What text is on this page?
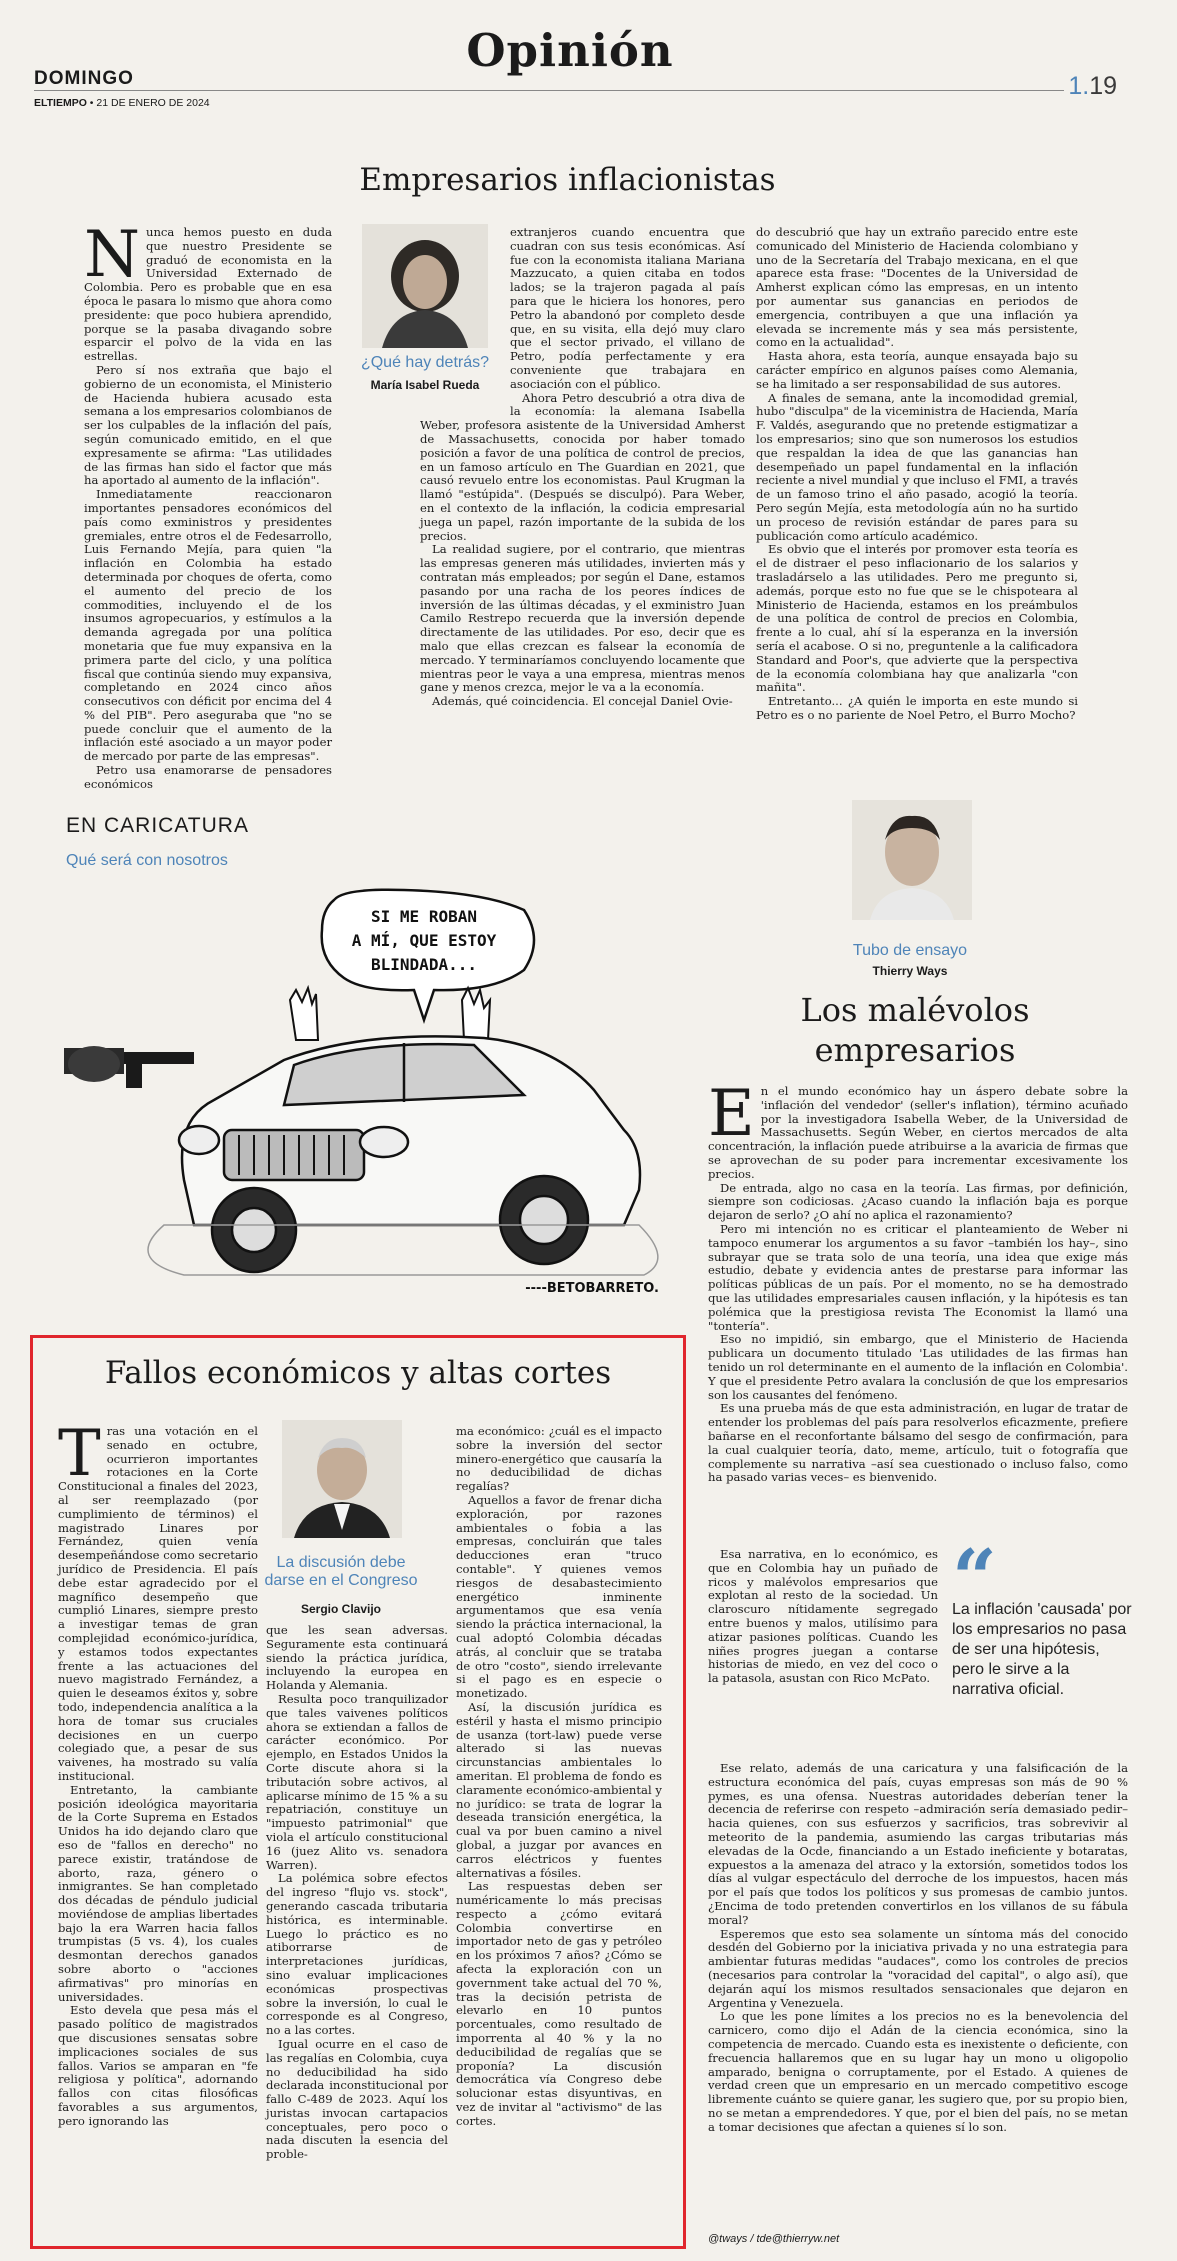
DOMINGO
Opinión
1.19
ELTIEMPO • 21 DE ENERO DE 2024
Empresarios inflacionistas

Nunca hemos puesto en duda que nuestro Presidente se graduó de economista en la Universidad Externado de Colombia. Pero es probable que en esa época le pasara lo mismo que ahora como presidente: que poco hubiera aprendido, porque se la pasaba divagando sobre esparcir el polvo de la vida en las estrellas.

Pero sí nos extraña que bajo el gobierno de un economista, el Ministerio de Hacienda hubiera acusado esta semana a los empresarios colombianos de ser los culpables de la inflación del país, según comunicado emitido, en el que expresamente se afirma: "Las utilidades de las firmas han sido el factor que más ha aportado al aumento de la inflación".

Inmediatamente reaccionaron importantes pensadores económicos del país como exministros y presidentes gremiales, entre otros el de Fedesarrollo, Luis Fernando Mejía, para quien "la inflación en Colombia ha estado determinada por choques de oferta, como el aumento del precio de los commodities, incluyendo el de los insumos agropecuarios, y estímulos a la demanda agregada por una política monetaria que fue muy expansiva en la primera parte del ciclo, y una política fiscal que continúa siendo muy expansiva, completando en 2024 cinco años consecutivos con déficit por encima del 4 % del PIB". Pero aseguraba que "no se puede concluir que el aumento de la inflación esté asociado a un mayor poder de mercado por parte de las empresas".

Petro usa enamorarse de pensadores económicos

¿Qué hay detrás?
María Isabel Rueda

extranjeros cuando encuentra que cuadran con sus tesis económicas. Así fue con la economista italiana Mariana Mazzucato, a quien citaba en todos lados; se la trajeron pagada al país para que le hiciera los honores, pero Petro la abandonó por completo desde que, en su visita, ella dejó muy claro que el sector privado, el villano de Petro, podía perfectamente y era conveniente que trabajara en asociación con el público.

Ahora Petro descubrió a otra diva de la economía: la alemana Isabella Weber, profesora asistente de la Universidad Amherst de Massachusetts, conocida por haber tomado posición a favor de una política de control de precios, en un famoso artículo en The Guardian en 2021, que causó revuelo entre los economistas. Paul Krugman la llamó "estúpida". (Después se disculpó). Para Weber, en el contexto de la inflación, la codicia empresarial juega un papel, razón importante de la subida de los precios.

La realidad sugiere, por el contrario, que mientras las empresas generen más utilidades, invierten más y contratan más empleados; por según el Dane, estamos pasando por una racha de los peores índices de inversión de las últimas décadas, y el exministro Juan Camilo Restrepo recuerda que la inversión depende directamente de las utilidades. Por eso, decir que es malo que ellas crezcan es falsear la economía de mercado. Y terminaríamos concluyendo locamente que mientras peor le vaya a una empresa, mientras menos gane y menos crezca, mejor le va a la economía.

Además, qué coincidencia. El concejal Daniel Ovie-

do descubrió que hay un extraño parecido entre este comunicado del Ministerio de Hacienda colombiano y uno de la Secretaría del Trabajo mexicana, en el que aparece esta frase: "Docentes de la Universidad de Amherst explican cómo las empresas, en un intento por aumentar sus ganancias en periodos de emergencia, contribuyen a que una inflación ya elevada se incremente más y sea más persistente, como en la actualidad".

Hasta ahora, esta teoría, aunque ensayada bajo su carácter empírico en algunos países como Alemania, se ha limitado a ser responsabilidad de sus autores.

A finales de semana, ante la incomodidad gremial, hubo "disculpa" de la viceministra de Hacienda, María F. Valdés, asegurando que no pretende estigmatizar a los empresarios; sino que son numerosos los estudios que respaldan la idea de que las ganancias han desempeñado un papel fundamental en la inflación reciente a nivel mundial y que incluso el FMI, a través de un famoso trino el año pasado, acogió la teoría. Pero según Mejía, esta metodología aún no ha surtido un proceso de revisión estándar de pares para su publicación como artículo académico.

Es obvio que el interés por promover esta teoría es el de distraer el peso inflacionario de los salarios y trasladárselo a las utilidades. Pero me pregunto si, además, porque esto no fue que se le chispoteara al Ministerio de Hacienda, estamos en los preámbulos de una política de control de precios en Colombia, frente a lo cual, ahí sí la esperanza en la inversión sería el acabose. O si no, preguntenle a la calificadora Standard and Poor's, que advierte que la perspectiva de la economía colombiana hay que analizarla "con mañita".

Entretanto... ¿A quién le importa en este mundo si Petro es o no pariente de Noel Petro, el Burro Mocho?

EN CARICATURA
Qué será con nosotros
SI ME ROBAN
A MÍ, QUE ESTOY
BLINDADA...
----BETOBARRETO.
Tubo de ensayo
Thierry Ways
Los malévolos
empresarios

En el mundo económico hay un áspero debate sobre la 'inflación del vendedor' (seller's inflation), término acuñado por la investigadora Isabella Weber, de la Universidad de Massachusetts. Según Weber, en ciertos mercados de alta concentración, la inflación puede atribuirse a la avaricia de firmas que se aprovechan de su poder para incrementar excesivamente los precios.

De entrada, algo no casa en la teoría. Las firmas, por definición, siempre son codiciosas. ¿Acaso cuando la inflación baja es porque dejaron de serlo? ¿O ahí no aplica el razonamiento?

Pero mi intención no es criticar el planteamiento de Weber ni tampoco enumerar los argumentos a su favor –también los hay–, sino subrayar que se trata solo de una teoría, una idea que exige más estudio, debate y evidencia antes de prestarse para informar las políticas públicas de un país. Por el momento, no se ha demostrado que las utilidades empresariales causen inflación, y la hipótesis es tan polémica que la prestigiosa revista The Economist la llamó una "tontería".

Eso no impidió, sin embargo, que el Ministerio de Hacienda publicara un documento titulado 'Las utilidades de las firmas han tenido un rol determinante en el aumento de la inflación en Colombia'. Y que el presidente Petro avalara la conclusión de que los empresarios son los causantes del fenómeno.

Es una prueba más de que esta administración, en lugar de tratar de entender los problemas del país para resolverlos eficazmente, prefiere bañarse en el reconfortante bálsamo del sesgo de confirmación, para la cual cualquier teoría, dato, meme, artículo, tuit o fotografía que complemente su narrativa –así sea cuestionado o incluso falso, como ha pasado varias veces– es bienvenido.

Esa narrativa, en lo económico, es que en Colombia hay un puñado de ricos y malévolos empresarios que explotan al resto de la sociedad. Un claroscuro nítidamente segregado entre buenos y malos, utilísimo para atizar pasiones políticas. Cuando les niñes progres juegan a contarse historias de miedo, en vez del coco o la patasola, asustan con Rico McPato.

“
La inflación 'causada' por los empresarios no pasa de ser una hipótesis, pero le sirve a la narrativa oficial.

Ese relato, además de una caricatura y una falsificación de la estructura económica del país, cuyas empresas son más de 90 % pymes, es una ofensa. Nuestras autoridades deberían tener la decencia de referirse con respeto –admiración sería demasiado pedir– hacia quienes, con sus esfuerzos y sacrificios, tras sobrevivir al meteorito de la pandemia, asumiendo las cargas tributarias más elevadas de la Ocde, financiando a un Estado ineficiente y botaratas, expuestos a la amenaza del atraco y la extorsión, sometidos todos los días al vulgar espectáculo del derroche de los impuestos, hacen más por el país que todos los políticos y sus promesas de cambio juntos. ¿Encima de todo pretenden convertirlos en los villanos de su fábula moral?

Esperemos que esto sea solamente un síntoma más del conocido desdén del Gobierno por la iniciativa privada y no una estrategia para ambientar futuras medidas "audaces", como los controles de precios (necesarios para controlar la "voracidad del capital", o algo así), que dejarán aquí los mismos resultados sensacionales que dejaron en Argentina y Venezuela.

Lo que les pone límites a los precios no es la benevolencia del carnicero, como dijo el Adán de la ciencia económica, sino la competencia de mercado. Cuando esta es inexistente o deficiente, con frecuencia hallaremos que en su lugar hay un mono u oligopolio amparado, benigna o corruptamente, por el Estado. A quienes de verdad creen que un empresario en un mercado competitivo escoge libremente cuánto se quiere ganar, les sugiero que, por su propio bien, no se metan a emprendedores. Y que, por el bien del país, no se metan a tomar decisiones que afectan a quienes sí lo son.

@tways / tde@thierryw.net
Fallos económicos y altas cortes

Tras una votación en el senado en octubre, ocurrieron importantes rotaciones en la Corte Constitucional a finales del 2023, al ser reemplazado (por cumplimiento de términos) el magistrado Linares por Fernández, quien venía desempeñándose como secretario jurídico de Presidencia. El país debe estar agradecido por el magnífico desempeño que cumplió Linares, siempre presto a investigar temas de gran complejidad económico-jurídica, y estamos todos expectantes frente a las actuaciones del nuevo magistrado Fernández, a quien le deseamos éxitos y, sobre todo, independencia analítica a la hora de tomar sus cruciales decisiones en un cuerpo colegiado que, a pesar de sus vaivenes, ha mostrado su valía institucional.

Entretanto, la cambiante posición ideológica mayoritaria de la Corte Suprema en Estados Unidos ha ido dejando claro que eso de "fallos en derecho" no parece existir, tratándose de aborto, raza, género o inmigrantes. Se han completado dos décadas de péndulo judicial moviéndose de amplias libertades bajo la era Warren hacia fallos trumpistas (5 vs. 4), los cuales desmontan derechos ganados sobre aborto o "acciones afirmativas" pro minorías en universidades.

Esto devela que pesa más el pasado político de magistrados que discusiones sensatas sobre implicaciones sociales de sus fallos. Varios se amparan en "fe religiosa y política", adornando fallos con citas filosóficas favorables a sus argumentos, pero ignorando las

La discusión debe
darse en el Congreso
Sergio Clavijo

que les sean adversas. Seguramente esta continuará siendo la práctica jurídica, incluyendo la europea en Holanda y Alemania.

Resulta poco tranquilizador que tales vaivenes políticos ahora se extiendan a fallos de carácter económico. Por ejemplo, en Estados Unidos la Corte discute ahora si la tributación sobre activos, al aplicarse mínimo de 15 % a su repatriación, constituye un "impuesto patrimonial" que viola el artículo constitucional 16 (juez Alito vs. senadora Warren).

La polémica sobre efectos del ingreso "flujo vs. stock", generando cascada tributaria histórica, es interminable. Luego lo práctico es no atiborrarse de interpretaciones jurídicas, sino evaluar implicaciones económicas prospectivas sobre la inversión, lo cual le corresponde es al Congreso, no a las cortes.

Igual ocurre en el caso de las regalías en Colombia, cuya no deducibilidad ha sido declarada inconstitucional por fallo C-489 de 2023. Aquí los juristas invocan cartapacios conceptuales, pero poco o nada discuten la esencia del proble-

ma económico: ¿cuál es el impacto sobre la inversión del sector minero-energético que causaría la no deducibilidad de dichas regalías?

Aquellos a favor de frenar dicha exploración, por razones ambientales o fobia a las empresas, concluirán que tales deducciones eran "truco contable". Y quienes vemos riesgos de desabastecimiento energético inminente argumentamos que esa venía siendo la práctica internacional, la cual adoptó Colombia décadas atrás, al concluir que se trataba de otro "costo", siendo irrelevante si el pago es en especie o monetizado.

Así, la discusión jurídica es estéril y hasta el mismo principio de usanza (tort-law) puede verse alterado si las nuevas circunstancias ambientales lo ameritan. El problema de fondo es claramente económico-ambiental y no jurídico: se trata de lograr la deseada transición energética, la cual va por buen camino a nivel global, a juzgar por avances en carros eléctricos y fuentes alternativas a fósiles.

Las respuestas deben ser numéricamente lo más precisas respecto a ¿cómo evitará Colombia convertirse en importador neto de gas y petróleo en los próximos 7 años? ¿Cómo se afecta la exploración con un government take actual del 70 %, tras la decisión petrista de elevarlo en 10 puntos porcentuales, como resultado de imporrenta al 40 % y la no deducibilidad de regalías que se proponía? La discusión democrática vía Congreso debe solucionar estas disyuntivas, en vez de invitar al "activismo" de las cortes.
